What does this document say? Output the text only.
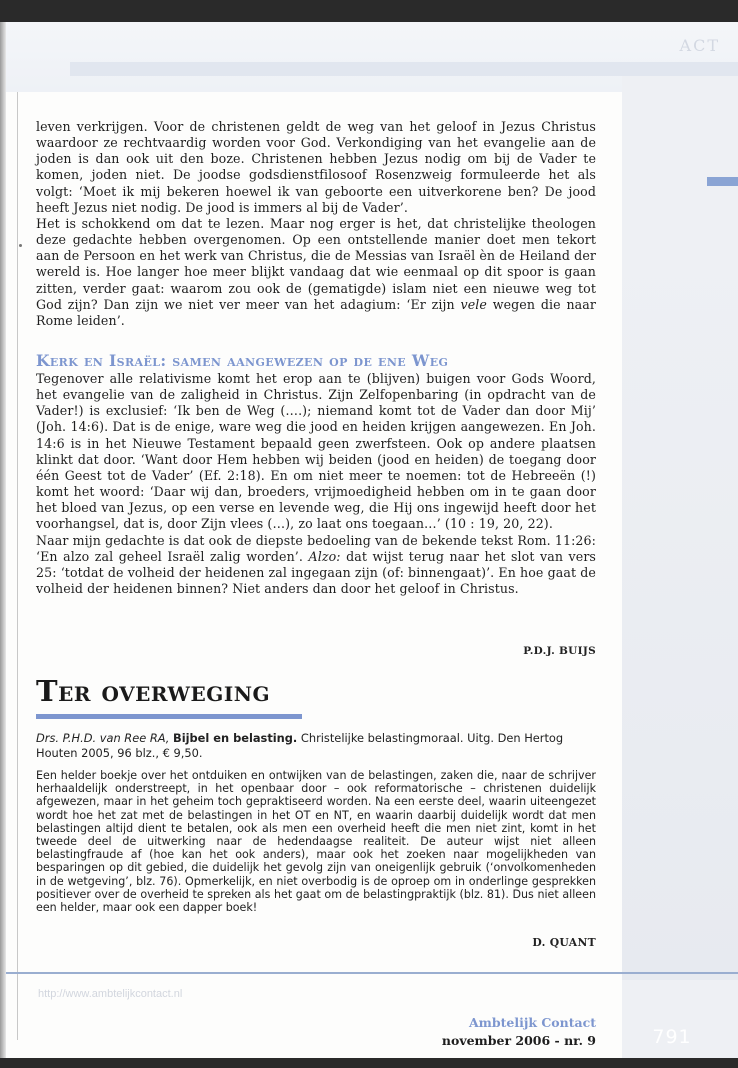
ACT

leven verkrijgen. Voor de christenen geldt de weg van het geloof in Jezus Christus waardoor ze rechtvaardig worden voor God. Verkondiging van het evangelie aan de joden is dan ook uit den boze. Christenen hebben Jezus nodig om bij de Vader te komen, joden niet. De joodse godsdienstfilosoof Rosenzweig formuleerde het als volgt: ‘Moet ik mij bekeren hoewel ik van geboorte een uitverkorene ben? De jood heeft Jezus niet nodig. De jood is immers al bij de Vader’.

Het is schokkend om dat te lezen. Maar nog erger is het, dat christelijke theologen deze gedachte hebben overgenomen. Op een ontstellende manier doet men tekort aan de Persoon en het werk van Christus, die de Messias van Israël èn de Heiland der wereld is. Hoe langer hoe meer blijkt vandaag dat wie eenmaal op dit spoor is gaan zitten, verder gaat: waarom zou ook de (gematigde) islam niet een nieuwe weg tot God zijn? Dan zijn we niet ver meer van het adagium: ‘Er zijn vele wegen die naar Rome leiden’.

Kerk en Israël: samen aangewezen op de ene Weg

Tegenover alle relativisme komt het erop aan te (blijven) buigen voor Gods Woord, het evangelie van de zaligheid in Christus. Zijn Zelfopenbaring (in opdracht van de Vader!) is exclusief: ‘Ik ben de Weg (….); niemand komt tot de Vader dan door Mij’ (Joh. 14:6). Dat is de enige, ware weg die jood en heiden krijgen aangewezen. En Joh. 14:6 is in het Nieuwe Testament bepaald geen zwerfsteen. Ook op andere plaatsen klinkt dat door. ‘Want door Hem hebben wij beiden (jood en heiden) de toegang door één Geest tot de Vader’ (Ef. 2:18). En om niet meer te noemen: tot de Hebreeën (!) komt het woord: ‘Daar wij dan, broeders, vrijmoedigheid hebben om in te gaan door het bloed van Jezus, op een verse en levende weg, die Hij ons ingewijd heeft door het voorhangsel, dat is, door Zijn vlees (…), zo laat ons toegaan…’ (10 : 19, 20, 22).

Naar mijn gedachte is dat ook de diepste bedoeling van de bekende tekst Rom. 11:26: ‘En alzo zal geheel Israël zalig worden’. Alzo: dat wijst terug naar het slot van vers 25: ‘totdat de volheid der heidenen zal ingegaan zijn (of: binnengaat)’. En hoe gaat de volheid der heidenen binnen? Niet anders dan door het geloof in Christus.

P.D.J. BUIJS
Ter overweging

Drs. P.H.D. van Ree RA, Bijbel en belasting. Christelijke belastingmoraal. Uitg. Den Hertog Houten 2005, 96 blz., € 9,50.

Een helder boekje over het ontduiken en ontwijken van de belastingen, zaken die, naar de schrijver herhaaldelijk onderstreept, in het openbaar door – ook reformatorische – christenen duidelijk afgewezen, maar in het geheim toch gepraktiseerd worden. Na een eerste deel, waarin uiteengezet wordt hoe het zat met de belastingen in het OT en NT, en waarin daarbij duidelijk wordt dat men belastingen altijd dient te betalen, ook als men een overheid heeft die men niet zint, komt in het tweede deel de uitwerking naar de hedendaagse realiteit. De auteur wijst niet alleen belastingfraude af (hoe kan het ook anders), maar ook het zoeken naar mogelijkheden van besparingen op dit gebied, die duidelijk het gevolg zijn van oneigenlijk gebruik (‘onvolkomenheden in de wetgeving’, blz. 76). Opmerkelijk, en niet overbodig is de oproep om in onderlinge gesprekken positiever over de overheid te spreken als het gaat om de belastingpraktijk (blz. 81). Dus niet alleen een helder, maar ook een dapper boek!

D. QUANT
http://www.ambtelijkcontact.nl
Ambtelijk Contact
november 2006 - nr. 9	791
